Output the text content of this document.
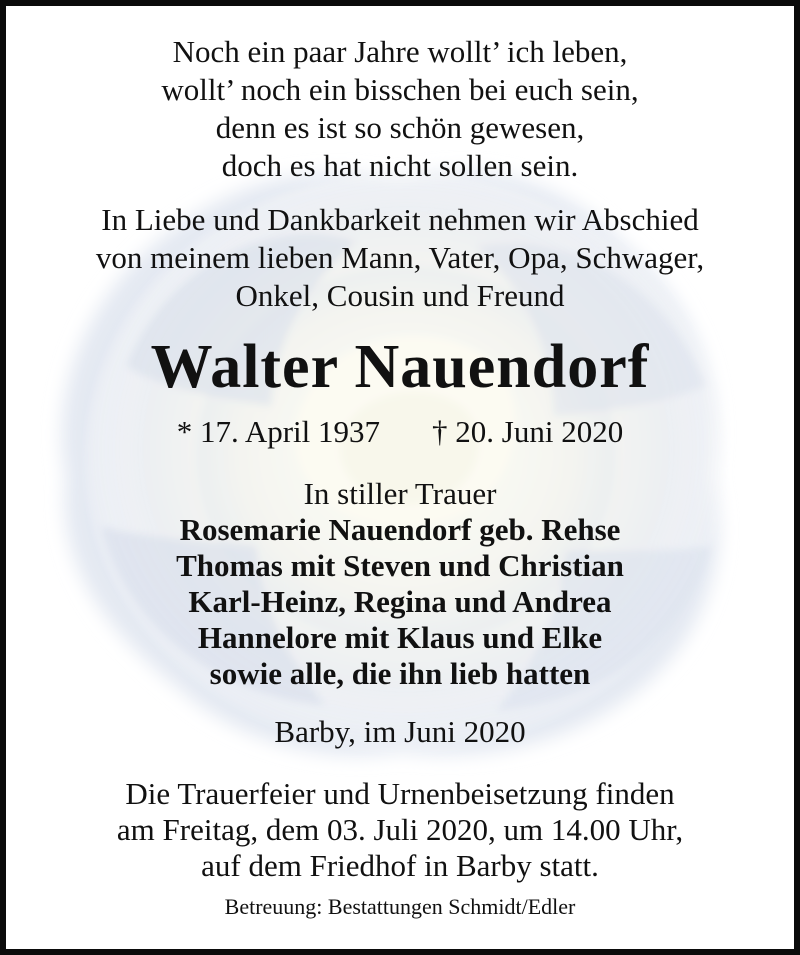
Noch ein paar Jahre wollt’ ich leben,
wollt’ noch ein bisschen bei euch sein,
denn es ist so schön gewesen,
doch es hat nicht sollen sein.
In Liebe und Dankbarkeit nehmen wir Abschied
von meinem lieben Mann, Vater, Opa, Schwager,
Onkel, Cousin und Freund
Walter Nauendorf
* 17. April 1937 † 20. Juni 2020
In stiller Trauer
Rosemarie Nauendorf geb. Rehse
Thomas mit Steven und Christian
Karl-Heinz, Regina und Andrea
Hannelore mit Klaus und Elke
sowie alle, die ihn lieb hatten
Barby, im Juni 2020
Die Trauerfeier und Urnenbeisetzung finden
am Freitag, dem 03. Juli 2020, um 14.00 Uhr,
auf dem Friedhof in Barby statt.
Betreuung: Bestattungen Schmidt/Edler
